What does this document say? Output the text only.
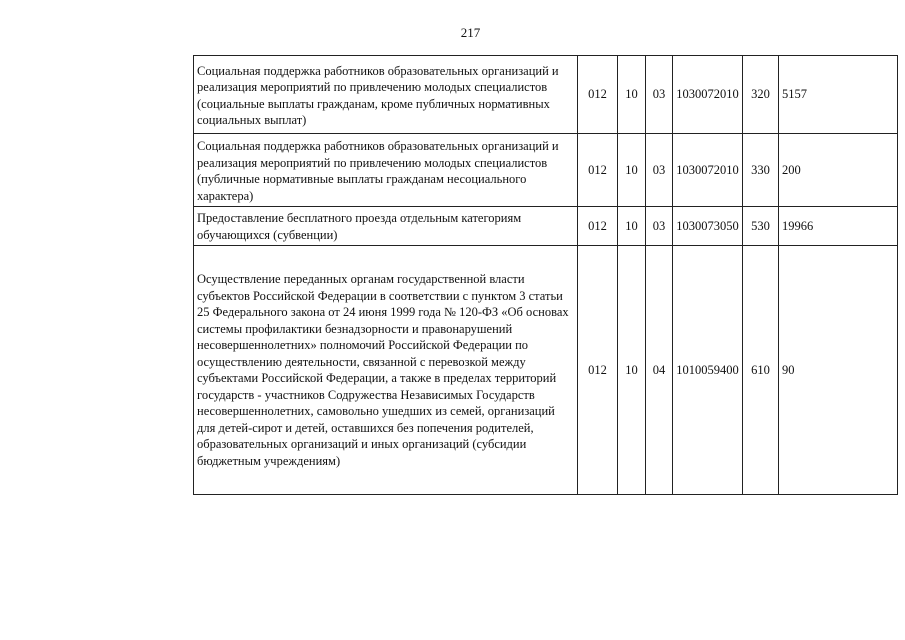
217
Социальная поддержка работников образовательных организаций и реализация мероприятий по привлечению молодых специалистов (социальные выплаты гражданам, кроме публичных нормативных социальных выплат)	012	10	03	1030072010	320	5157
Социальная поддержка работников образовательных организаций и реализация мероприятий по привлечению молодых специалистов (публичные нормативные выплаты гражданам несоциального характера)	012	10	03	1030072010	330	200
Предоставление бесплатного проезда отдельным категориям обучающихся (субвенции)	012	10	03	1030073050	530	19966
Осуществление переданных органам государственной власти субъектов Российской Федерации в соответствии с пунктом 3 статьи 25 Федерального закона от 24 июня 1999 года № 120-ФЗ «Об основах системы профилактики безнадзорности и правонарушений несовершеннолетних» полномочий Российской Федерации по осуществлению деятельности, связанной с перевозкой между субъектами Российской Федерации, а также в пределах территорий государств - участников Содружества Независимых Государств несовершеннолетних, самовольно ушедших из семей, организаций для детей-сирот и детей, оставшихся без попечения родителей, образовательных организаций и иных организаций (субсидии бюджетным учреждениям)	012	10	04	1010059400	610	90
